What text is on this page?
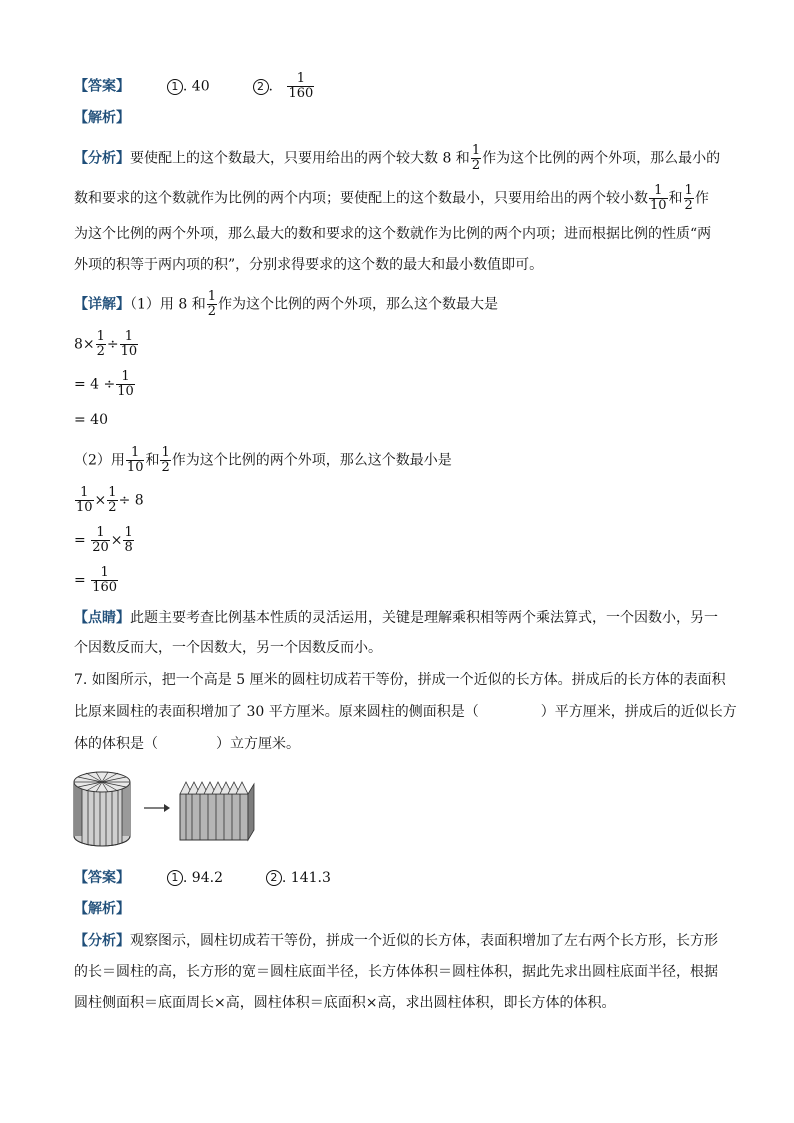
【答案】	1 . 40	2 . $\frac{1}{160}$
【解析】
【分析】要使配上的这个数最大，只要用给出的两个较大数 8 和 $\frac{1}{2}$ 作为这个比例的两个外项，那么最小的
数和要求的这个数就作为比例的两个内项；要使配上的这个数最小，只要用给出的两个较小数 $\frac{1}{10}$ 和 $\frac{1}{2}$ 作
为这个比例的两个外项，那么最大的数和要求的这个数就作为比例的两个内项；进而根据比例的性质“两
外项的积等于两内项的积”，分别求得要求的这个数的最大和最小数值即可。
【详解】（1）用 8 和 $\frac{1}{2}$ 作为这个比例的两个外项，那么这个数最大是
$8\times \frac{1}{2} \div \frac{1}{10}$
= $4 \div \frac{1}{10}$
= 40
（2）用 $\frac{1}{10}$ 和 $\frac{1}{2}$ 作为这个比例的两个外项，那么这个数最小是
$\frac{1}{10} \times \frac{1}{2} \div 8$
= $\frac{1}{20} \times \frac{1}{8}$
= $\frac{1}{160}$
【点睛】此题主要考查比例基本性质的灵活运用，关键是理解乘积相等两个乘法算式，一个因数小，另一
个因数反而大，一个因数大，另一个因数反而小。
7. 如图所示，把一个高是 5 厘米的圆柱切成若干等份，拼成一个近似的长方体。拼成后的长方体的表面积
比原来圆柱的表面积增加了 30 平方厘米。原来圆柱的侧面积是（	）平方厘米，拼成后的近似长方
体的体积是（	）立方厘米。
【答案】	1 . 94.2	2 . 141.3
【解析】
【分析】观察图示，圆柱切成若干等份，拼成一个近似的长方体，表面积增加了左右两个长方形，长方形
的长＝圆柱的高，长方形的宽＝圆柱底面半径，长方体体积＝圆柱体积，据此先求出圆柱底面半径，根据
圆柱侧面积＝底面周长×高，圆柱体积＝底面积×高，求出圆柱体积，即长方体的体积。
